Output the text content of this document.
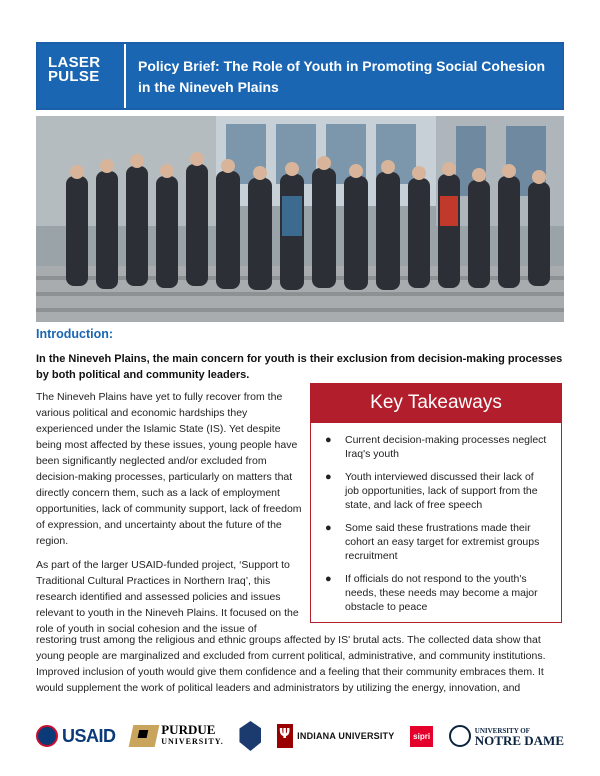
LASER
PULSE
Policy Brief: The Role of Youth in Promoting Social Cohesion in the Nineveh Plains
Introduction:
In the Nineveh Plains, the main concern for youth is their exclusion from decision-making processes by both political and community leaders.

The Nineveh Plains have yet to fully recover from the various political and economic hardships they experienced under the Islamic State (IS). Yet despite being most affected by these issues, young people have been significantly neglected and/or excluded from decision-making processes, particularly on matters that directly concern them, such as a lack of employment opportunities, lack of community support, lack of freedom of expression, and uncertainty about the future of the region.

As part of the larger USAID-funded project, ‘Support to Traditional Cultural Practices in Northern Iraq’, this research identified and assessed policies and issues relevant to youth in the Nineveh Plains. It focused on the role of youth in social cohesion and the issue of

restoring trust among the religious and ethnic groups affected by IS' brutal acts. The collected data show that young people are marginalized and excluded from current political, administrative, and community institutions. Improved inclusion of youth would give them confidence and a feeling that their community embraces them. It would supplement the work of political leaders and administrators by utilizing the energy, innovation, and
Key Takeaways
● Current decision-making processes neglect Iraq's youth
● Youth interviewed discussed their lack of job opportunities, lack of support from the state, and lack of free speech
● Some said these frustrations made their cohort an easy target for extremist groups recruitment
● If officials do not respond to the youth's needs, these needs may become a major obstacle to peace
USAID	PURDUE
UNIVERSITY.
Ψ
INDIANA UNIVERSITY	sipri
UNIVERSITY OF
NOTRE DAME
